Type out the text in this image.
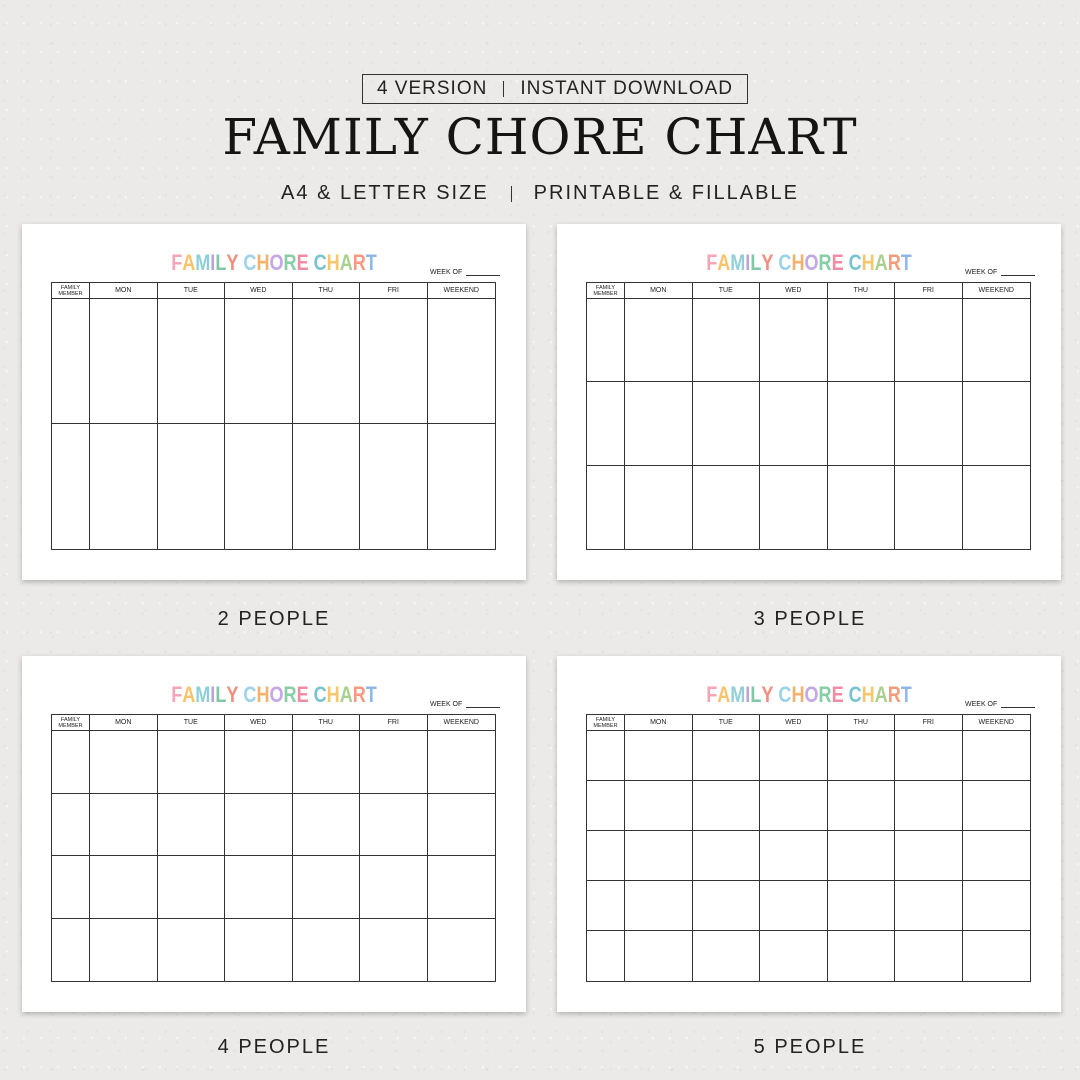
4 VERSION INSTANT DOWNLOAD
FAMILY CHORE CHART
A4 & LETTER SIZE PRINTABLE & FILLABLE
FAMILY CHORE CHART	WEEK OF
FAMILY MEMBER	MON	TUE	WED	THU	FRI	WEEKEND
2 PEOPLE
FAMILY CHORE CHART	WEEK OF
FAMILY MEMBER	MON	TUE	WED	THU	FRI	WEEKEND
3 PEOPLE
FAMILY CHORE CHART	WEEK OF
FAMILY MEMBER	MON	TUE	WED	THU	FRI	WEEKEND
4 PEOPLE
FAMILY CHORE CHART	WEEK OF
FAMILY MEMBER	MON	TUE	WED	THU	FRI	WEEKEND
5 PEOPLE
